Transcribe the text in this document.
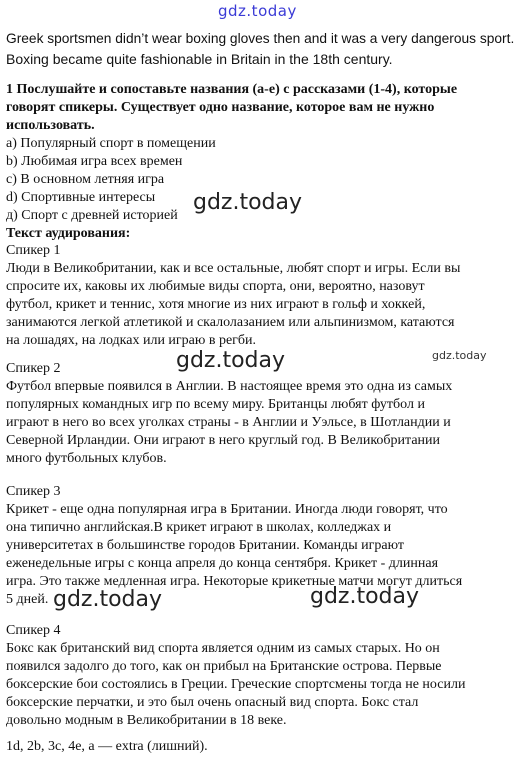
gdz.today
gdz.today
gdz.today	gdz.today
gdz.today	gdz.today
Greek sportsmen didn’t wear boxing gloves then and it was a very dangerous sport.
Boxing became quite fashionable in Britain in the 18th century.
1 Послушайте и сопоставьте названия (a-e) с рассказами (1-4), которые
говорят спикеры. Существует одно название, которое вам не нужно
использовать.
a) Популярный спорт в помещении
b) Любимая игра всех времен
c) В основном летняя игра
d) Спортивные интересы
д) Спорт с древней историей
Текст аудирования:
Спикер 1
Люди в Великобритании, как и все остальные, любят спорт и игры. Если вы
спросите их, каковы их любимые виды спорта, они, вероятно, назовут
футбол, крикет и теннис, хотя многие из них играют в гольф и хоккей,
занимаются легкой атлетикой и скалолазанием или альпинизмом, катаются
на лошадях, на лодках или играю в регби.
Спикер 2
Футбол впервые появился в Англии. В настоящее время это одна из самых
популярных командных игр по всему миру. Британцы любят футбол и
играют в него во всех уголках страны - в Англии и Уэльсе, в Шотландии и
Северной Ирландии. Они играют в него круглый год. В Великобритании
много футбольных клубов.
Спикер 3
Крикет - еще одна популярная игра в Британии. Иногда люди говорят, что
она типично английская.В крикет играют в школах, колледжах и
университетах в большинстве городов Британии. Команды играют
еженедельные игры с конца апреля до конца сентября. Крикет - длинная
игра. Это также медленная игра. Некоторые крикетные матчи могут длиться
5 дней.
Спикер 4
Бокс как британский вид спорта является одним из самых старых. Но он
появился задолго до того, как он прибыл на Британские острова. Первые
боксерские бои состоялись в Греции. Греческие спортсмены тогда не носили
боксерские перчатки, и это был очень опасный вид спорта. Бокс стал
довольно модным в Великобритании в 18 веке.
1d, 2b, 3c, 4e, a — extra (лишний).
